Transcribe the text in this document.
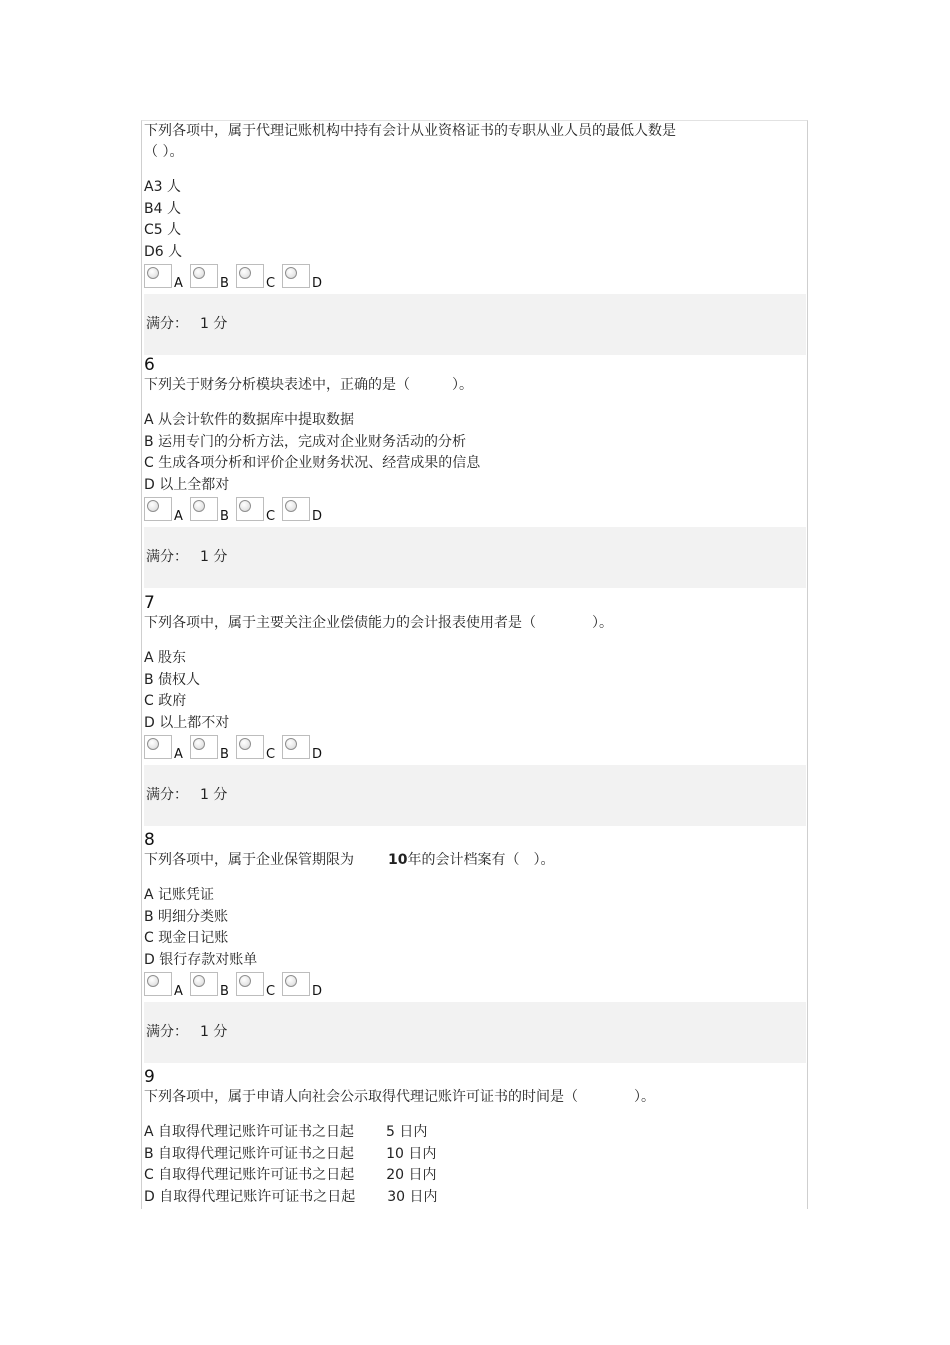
下列各项中，属于代理记账机构中持有会计从业资格证书的专职从业人员的最低人数是
（ ）。
A3 人
B4 人
C5 人
D6 人
A	B	C	D
满分： 1 分
6
下列关于财务分析模块表述中，正确的是（　　　）。
A 从会计软件的数据库中提取数据
B 运用专门的分析方法，完成对企业财务活动的分析
C 生成各项分析和评价企业财务状况、经营成果的信息
D 以上全都对
A	B	C	D
满分： 1 分
7
下列各项中，属于主要关注企业偿债能力的会计报表使用者是（　　　　）。
A 股东
B 债权人
C 政府
D 以上都不对
A	B	C	D
满分： 1 分
8
下列各项中，属于企业保管期限为 10年的会计档案有（　）。
A 记账凭证
B 明细分类账
C 现金日记账
D 银行存款对账单
A	B	C	D
满分： 1 分
9
下列各项中，属于申请人向社会公示取得代理记账许可证书的时间是（　　　　）。
A 自取得代理记账许可证书之日起 5 日内
B 自取得代理记账许可证书之日起 10 日内
C 自取得代理记账许可证书之日起 20 日内
D 自取得代理记账许可证书之日起 30 日内
